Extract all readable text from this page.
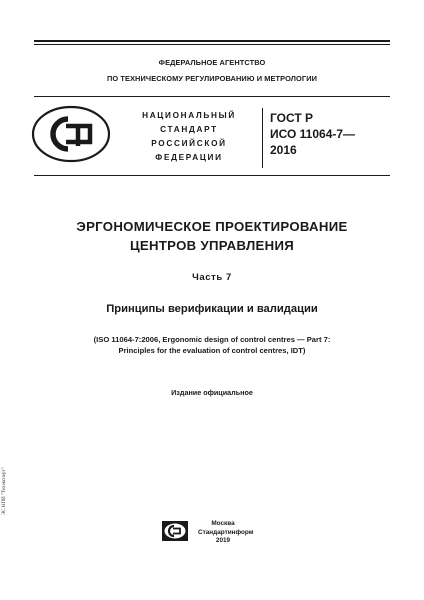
ФЕДЕРАЛЬНОЕ АГЕНТСТВО
ПО ТЕХНИЧЕСКОМУ РЕГУЛИРОВАНИЮ И МЕТРОЛОГИИ
НАЦИОНАЛЬНЫЙ
СТАНДАРТ
РОССИЙСКОЙ
ФЕДЕРАЦИИ
ГОСТ Р
ИСО 11064-7—
2016
ЭРГОНОМИЧЕСКОЕ ПРОЕКТИРОВАНИЕ
ЦЕНТРОВ УПРАВЛЕНИЯ
Часть 7
Принципы верификации и валидации
(ISO 11064-7:2006, Ergonomic design of control centres — Part 7:
Principles for the evaluation of control centres, IDT)
Издание официальное
Москва
Стандартинформ
2019
ЭС НПИ "Техэксперт"
